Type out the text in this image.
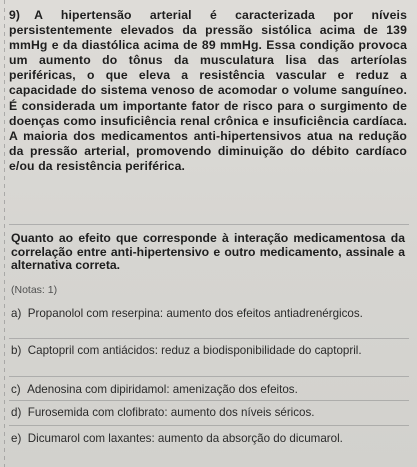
9) A hipertensão arterial é caracterizada por níveis persistentemente elevados da pressão sistólica acima de 139 mmHg e da diastólica acima de 89 mmHg. Essa condição provoca um aumento do tônus da musculatura lisa das arteríolas periféricas, o que eleva a resistência vascular e reduz a capacidade do sistema venoso de acomodar o volume sanguíneo. É considerada um importante fator de risco para o surgimento de doenças como insuficiência renal crônica e insuficiência cardíaca. A maioria dos medicamentos anti-hipertensivos atua na redução da pressão arterial, promovendo diminuição do débito cardíaco e/ou da resistência periférica.
Quanto ao efeito que corresponde à interação medicamentosa da correlação entre anti-hipertensivo e outro medicamento, assinale a alternativa correta.
(Notas: 1)
a) Propanolol com reserpina: aumento dos efeitos antiadrenérgicos.
b) Captopril com antiácidos: reduz a biodisponibilidade do captopril.
c) Adenosina com dipiridamol: amenização dos efeitos.
d) Furosemida com clofibrato: aumento dos níveis séricos.
e) Dicumarol com laxantes: aumento da absorção do dicumarol.
